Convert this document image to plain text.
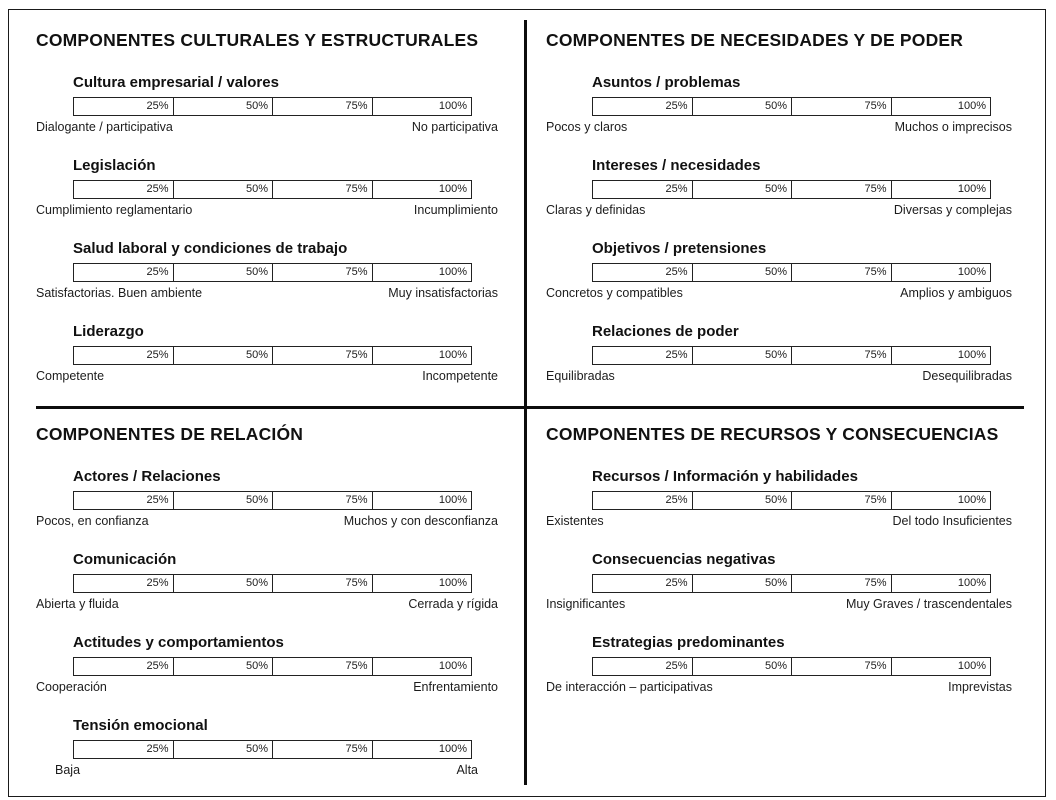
COMPONENTES CULTURALES Y ESTRUCTURALES
Cultura empresarial / valores
25%	50%	75%	100%
Dialogante / participativa	No participativa
Legislación
25%	50%	75%	100%
Cumplimiento reglamentario	Incumplimiento
Salud laboral y condiciones de trabajo
25%	50%	75%	100%
Satisfactorias. Buen ambiente	Muy insatisfactorias
Liderazgo
25%	50%	75%	100%
Competente	Incompetente
COMPONENTES DE NECESIDADES Y DE PODER
Asuntos / problemas
25%	50%	75%	100%
Pocos y claros	Muchos o imprecisos
Intereses / necesidades
25%	50%	75%	100%
Claras y definidas	Diversas y complejas
Objetivos / pretensiones
25%	50%	75%	100%
Concretos y compatibles	Amplios y ambiguos
Relaciones de poder
25%	50%	75%	100%
Equilibradas	Desequilibradas
COMPONENTES DE RELACIÓN
Actores / Relaciones
25%	50%	75%	100%
Pocos, en confianza	Muchos y con desconfianza
Comunicación
25%	50%	75%	100%
Abierta y fluida	Cerrada y rígida
Actitudes y comportamientos
25%	50%	75%	100%
Cooperación	Enfrentamiento
Tensión emocional
25%	50%	75%	100%
Baja	Alta
COMPONENTES DE RECURSOS Y CONSECUENCIAS
Recursos / Información y habilidades
25%	50%	75%	100%
Existentes	Del todo Insuficientes
Consecuencias negativas
25%	50%	75%	100%
Insignificantes	Muy Graves / trascendentales
Estrategias predominantes
25%	50%	75%	100%
De interacción – participativas	Imprevistas
